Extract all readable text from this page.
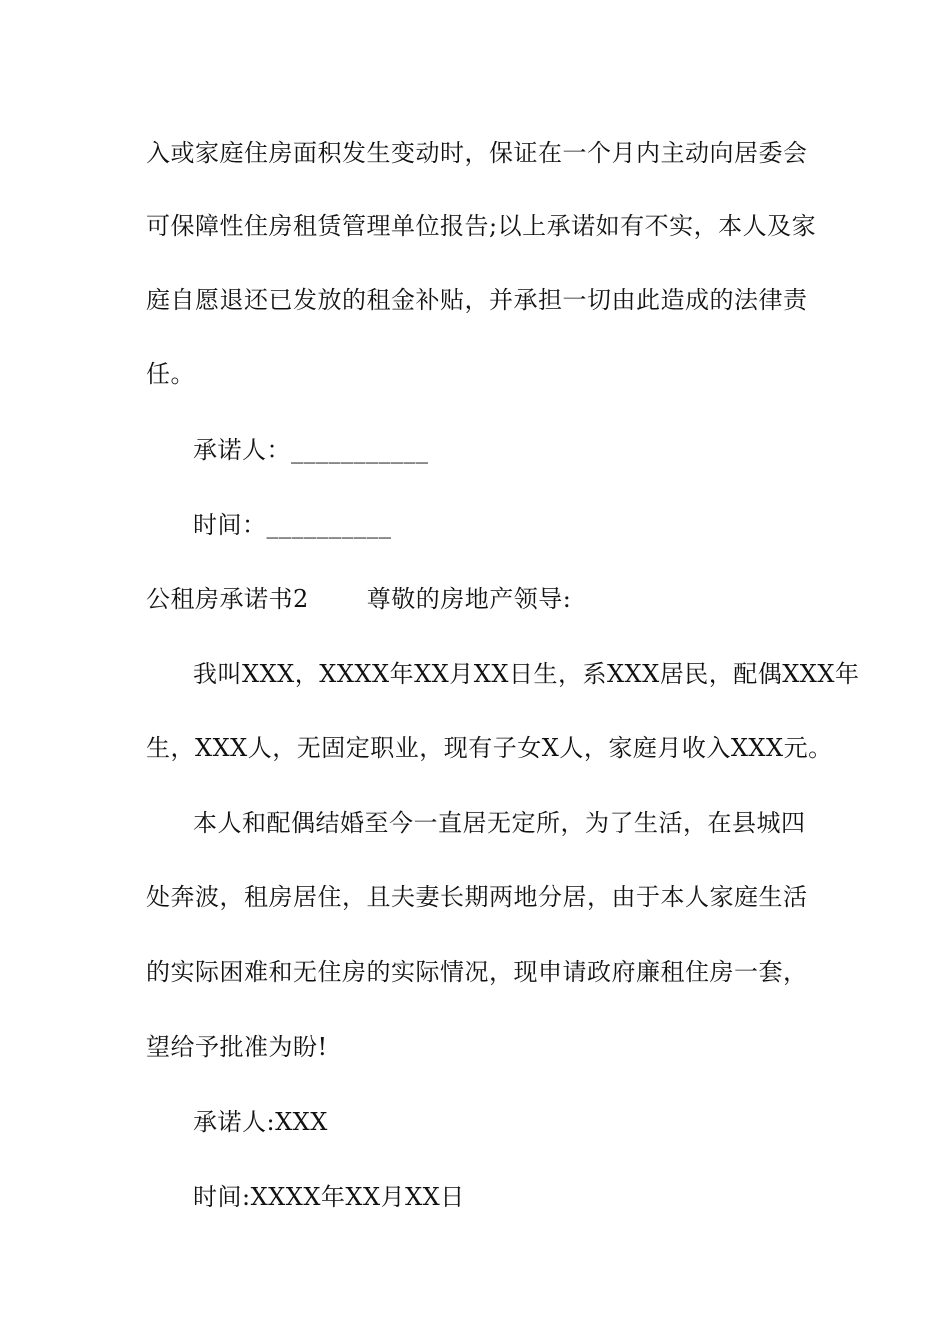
入或家庭住房面积发生变动时，保证在一个月内主动向居委会
可保障性住房租赁管理单位报告;以上承诺如有不实，本人及家
庭自愿退还已发放的租金补贴，并承担一切由此造成的法律责
任。
承诺人：___________
时间：__________
公租房承诺书2 尊敬的房地产领导:
我叫XXX，XXXX年XX月XX日生，系XXX居民，配偶XXX年
生，XXX人，无固定职业，现有子女X人，家庭月收入XXX元。
本人和配偶结婚至今一直居无定所，为了生活，在县城四
处奔波，租房居住，且夫妻长期两地分居，由于本人家庭生活
的实际困难和无住房的实际情况，现申请政府廉租住房一套，
望给予批准为盼!
承诺人:XXX
时间:XXXX年XX月XX日
